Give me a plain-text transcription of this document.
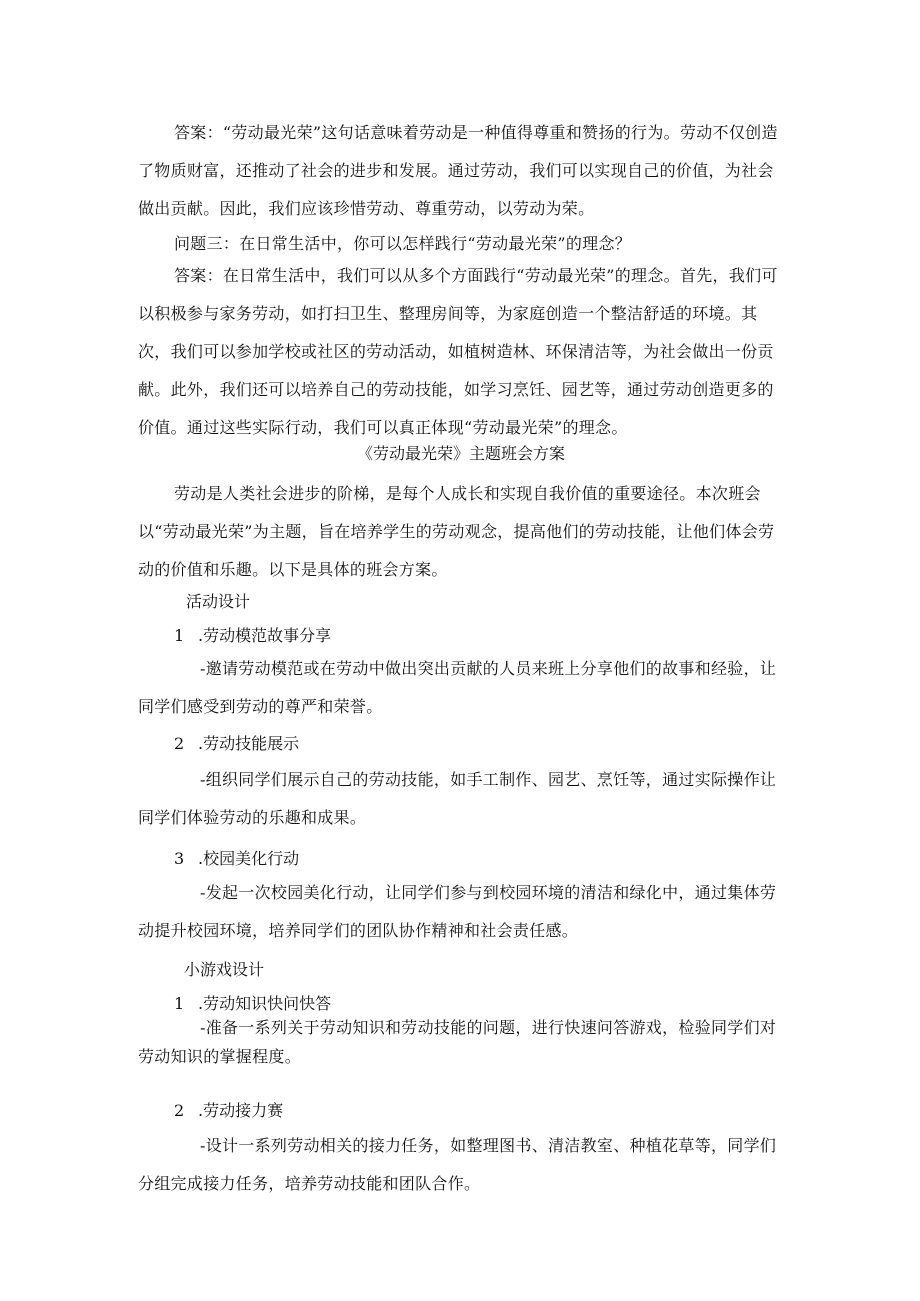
答案：“劳动最光荣”这句话意味着劳动是一种值得尊重和赞扬的行为。劳动不仅创造了物质财富，还推动了社会的进步和发展。通过劳动，我们可以实现自己的价值，为社会做出贡献。因此，我们应该珍惜劳动、尊重劳动，以劳动为荣。

问题三：在日常生活中，你可以怎样践行“劳动最光荣”的理念？

答案：在日常生活中，我们可以从多个方面践行“劳动最光荣”的理念。首先，我们可以积极参与家务劳动，如打扫卫生、整理房间等，为家庭创造一个整洁舒适的环境。其次，我们可以参加学校或社区的劳动活动，如植树造林、环保清洁等，为社会做出一份贡献。此外，我们还可以培养自己的劳动技能，如学习烹饪、园艺等，通过劳动创造更多的价值。通过这些实际行动，我们可以真正体现“劳动最光荣”的理念。

《劳动最光荣》主题班会方案

劳动是人类社会进步的阶梯，是每个人成长和实现自我价值的重要途径。本次班会以“劳动最光荣”为主题，旨在培养学生的劳动观念，提高他们的劳动技能，让他们体会劳动的价值和乐趣。以下是具体的班会方案。

活动设计

1 .劳动模范故事分享

-邀请劳动模范或在劳动中做出突出贡献的人员来班上分享他们的故事和经验，让同学们感受到劳动的尊严和荣誉。

2 .劳动技能展示

-组织同学们展示自己的劳动技能，如手工制作、园艺、烹饪等，通过实际操作让同学们体验劳动的乐趣和成果。

3 .校园美化行动

-发起一次校园美化行动，让同学们参与到校园环境的清洁和绿化中，通过集体劳动提升校园环境，培养同学们的团队协作精神和社会责任感。

小游戏设计

1 .劳动知识快问快答

-准备一系列关于劳动知识和劳动技能的问题，进行快速问答游戏，检验同学们对劳动知识的掌握程度。

2 .劳动接力赛

-设计一系列劳动相关的接力任务，如整理图书、清洁教室、种植花草等，同学们分组完成接力任务，培养劳动技能和团队合作。
